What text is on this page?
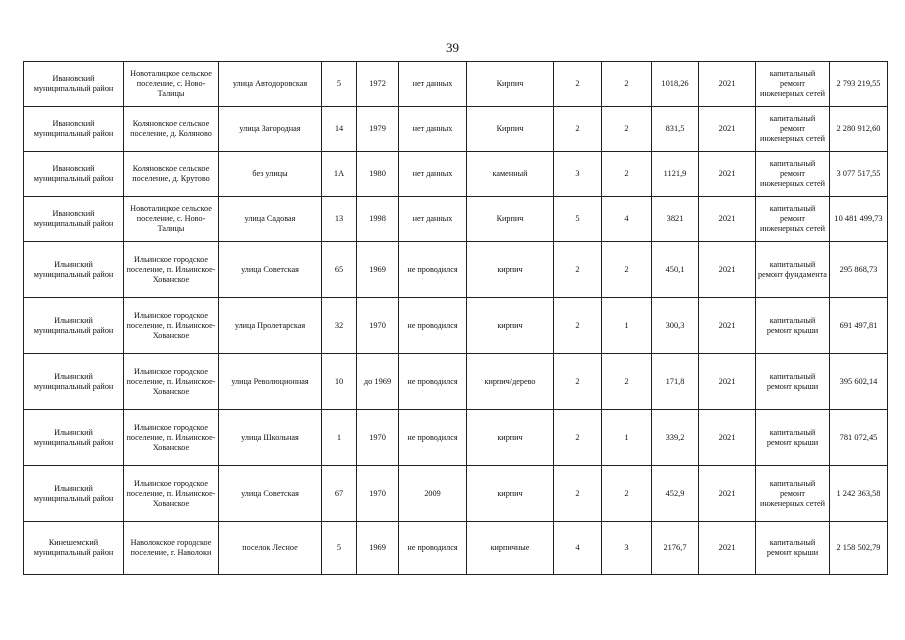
39
Ивановский муниципальный район	Новоталицкое сельское поселение, с. Ново-Талицы	улица Автодоровская	5	1972	нет данных	Кирпич	2	2	1018,26	2021	капитальный ремонт инженерных сетей	2 793 219,55
Ивановский муниципальный район	Коляновское сельское поселение, д. Коляново	улица Загородная	14	1979	нет данных	Кирпич	2	2	831,5	2021	капитальный ремонт инженерных сетей	2 280 912,60
Ивановский муниципальный район	Коляновское сельское поселение, д. Крутово	без улицы	1А	1980	нет данных	каменный	3	2	1121,9	2021	капитальный ремонт инженерных сетей	3 077 517,55
Ивановский муниципальный район	Новоталицкое сельское поселение, с. Ново-Талицы	улица Садовая	13	1998	нет данных	Кирпич	5	4	3821	2021	капитальный ремонт инженерных сетей	10 481 499,73
Ильинский муниципальный район	Ильинское городское поселение, п. Ильинское-Хованское	улица Советская	65	1969	не проводился	кирпич	2	2	450,1	2021	капитальный ремонт фундамента	295 868,73
Ильинский муниципальный район	Ильинское городское поселение, п. Ильинское-Хованское	улица Пролетарская	32	1970	не проводился	кирпич	2	1	300,3	2021	капитальный ремонт крыши	691 497,81
Ильинский муниципальный район	Ильинское городское поселение, п. Ильинское-Хованское	улица Революционная	10	до 1969	не проводился	кирпич/дерево	2	2	171,8	2021	капитальный ремонт крыши	395 602,14
Ильинский муниципальный район	Ильинское городское поселение, п. Ильинское-Хованское	улица Школьная	1	1970	не проводился	кирпич	2	1	339,2	2021	капитальный ремонт крыши	781 072,45
Ильинский муниципальный район	Ильинское городское поселение, п. Ильинское-Хованское	улица Советская	67	1970	2009	кирпич	2	2	452,9	2021	капитальный ремонт инженерных сетей	1 242 363,58
Кинешемский муниципальный район	Наволокское городское поселение, г. Наволоки	поселок Лесное	5	1969	не проводился	кирпичные	4	3	2176,7	2021	капитальный ремонт крыши	2 158 502,79
